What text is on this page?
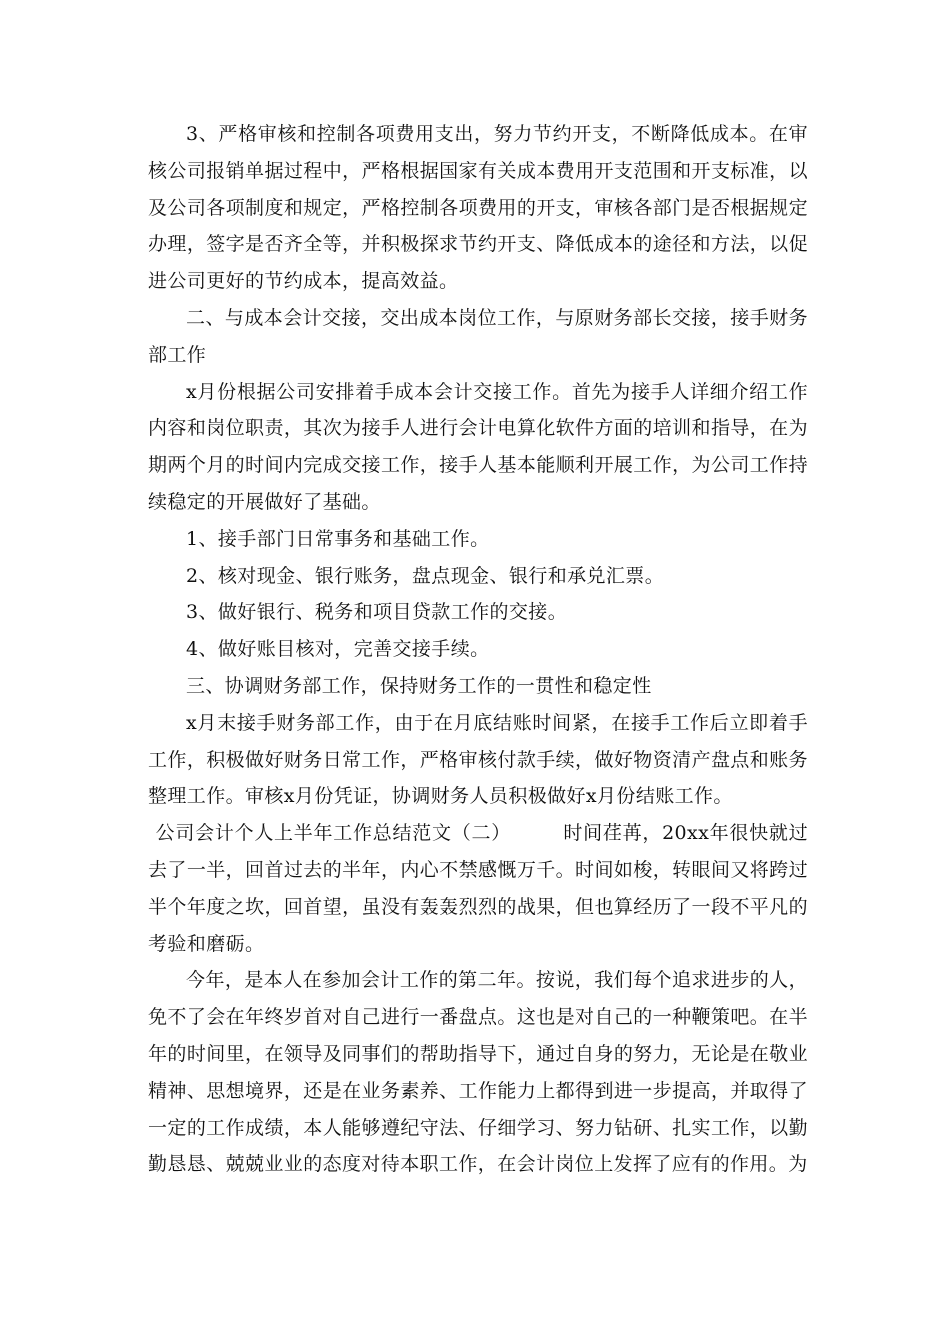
3、严格审核和控制各项费用支出，努力节约开支，不断降低成本。在审核公司报销单据过程中，严格根据国家有关成本费用开支范围和开支标准，以及公司各项制度和规定，严格控制各项费用的开支，审核各部门是否根据规定办理，签字是否齐全等，并积极探求节约开支、降低成本的途径和方法，以促进公司更好的节约成本，提高效益。

二、与成本会计交接，交出成本岗位工作，与原财务部长交接，接手财务部工作

x月份根据公司安排着手成本会计交接工作。首先为接手人详细介绍工作内容和岗位职责，其次为接手人进行会计电算化软件方面的培训和指导，在为期两个月的时间内完成交接工作，接手人基本能顺利开展工作，为公司工作持续稳定的开展做好了基础。

1、接手部门日常事务和基础工作。

2、核对现金、银行账务，盘点现金、银行和承兑汇票。

3、做好银行、税务和项目贷款工作的交接。

4、做好账目核对，完善交接手续。

三、协调财务部工作，保持财务工作的一贯性和稳定性

x月末接手财务部工作，由于在月底结账时间紧，在接手工作后立即着手工作，积极做好财务日常工作，严格审核付款手续，做好物资清产盘点和账务整理工作。审核x月份凭证，协调财务人员积极做好x月份结账工作。

公司会计个人上半年工作总结范文（二）	时间荏苒，20xx年很快就过去了一半，回首过去的半年，内心不禁感慨万千。时间如梭，转眼间又将跨过半个年度之坎，回首望，虽没有轰轰烈烈的战果，但也算经历了一段不平凡的考验和磨砺。

今年，是本人在参加会计工作的第二年。按说，我们每个追求进步的人，免不了会在年终岁首对自己进行一番盘点。这也是对自己的一种鞭策吧。在半年的时间里，在领导及同事们的帮助指导下，通过自身的努力，无论是在敬业精神、思想境界，还是在业务素养、工作能力上都得到进一步提高，并取得了一定的工作成绩，本人能够遵纪守法、仔细学习、努力钻研、扎实工作，以勤勤恳恳、兢兢业业的态度对待本职工作，在会计岗位上发挥了应有的作用。为
